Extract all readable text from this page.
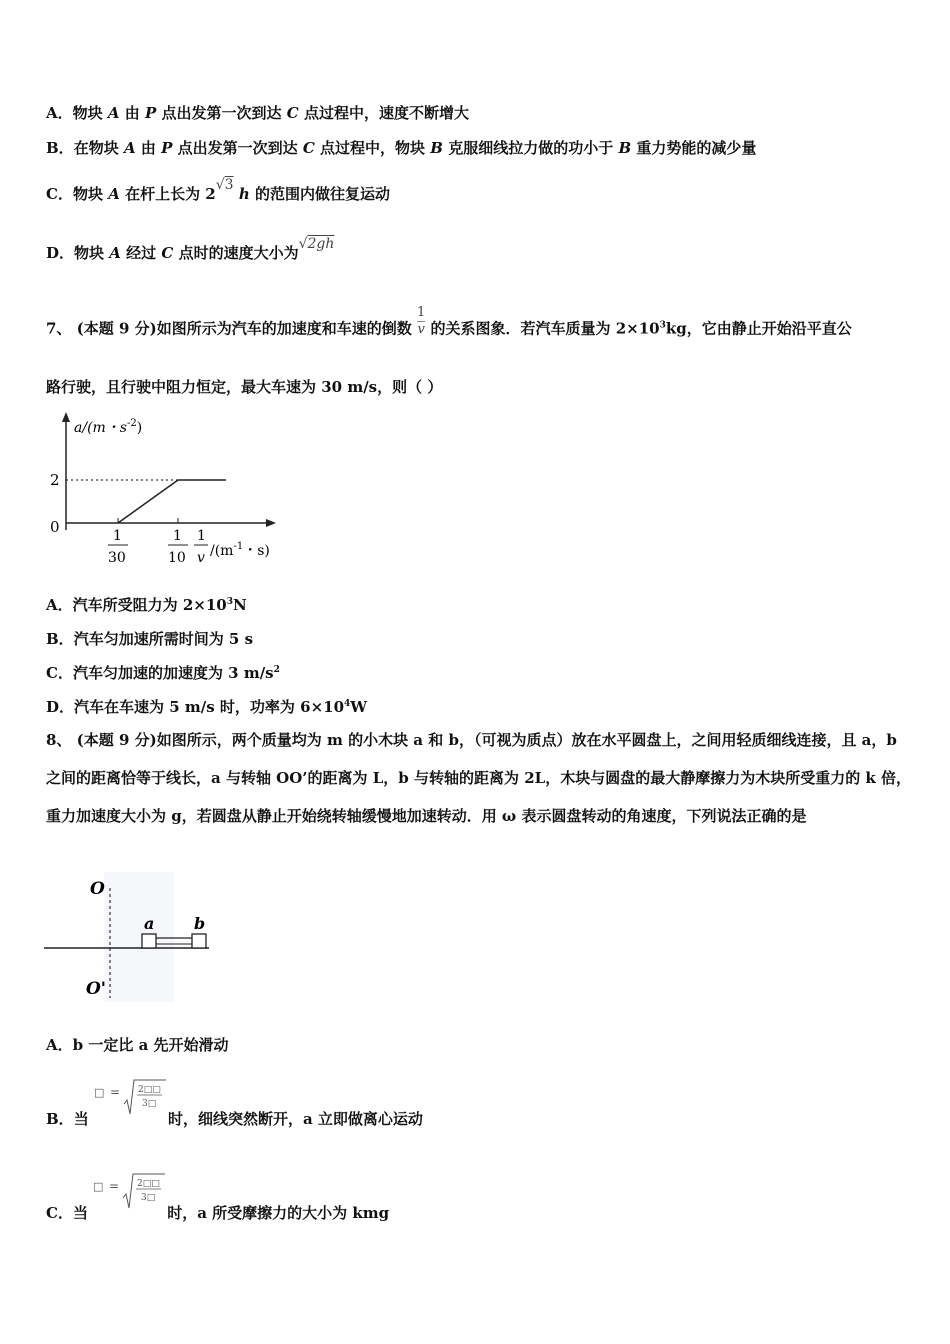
A．物块 A 由 P 点出发第一次到达 C 点过程中，速度不断增大
B．在物块 A 由 P 点出发第一次到达 C 点过程中，物块 B 克服细线拉力做的功小于 B 重力势能的减少量
C．物块 A 在杆上长为 2√3 h 的范围内做往复运动
D．物块 A 经过 C 点时的速度大小为√2gh
7、 (本题 9 分)如图所示为汽车的加速度和车速的倒数 $\frac{1}{v}$ 的关系图象．若汽车质量为 $2\times 10^3kg$，它由静止开始沿平直公
路行驶，且行驶中阻力恒定，最大车速为 30 m/s，则（ ）
a/(m・$s^{-2}$)
2
0	1
30
1
10
1
v $/(m^{-1}$・s)
A．汽车所受阻力为 $2\times 10^3N$
B．汽车匀加速所需时间为 5 s
C．汽车匀加速的加速度为 3 $m/s^2$
D．汽车在车速为 5 m/s 时，功率为 $6\times 10^4W$
8、 (本题 9 分)如图所示，两个质量均为 m 的小木块 a 和 b，（可视为质点）放在水平圆盘上，之间用轻质细线连接，且 a，b 之间的距离恰等于线长，a 与转轴 OO’的距离为 L，b 与转轴的距离为 2L，木块与圆盘的最大静摩擦力为木块所受重力的 k 倍，重力加速度大小为 g，若圆盘从静止开始绕转轴缓慢地加速转动．用 ω 表示圆盘转动的角速度，下列说法正确的是
O
O'
a b
A．b 一定比 a 先开始滑动
B．当
□ = 2□□
3□
时，细线突然断开，a 立即做离心运动
C．当
□ = 2□□
3□
时，a 所受摩擦力的大小为 kmg
